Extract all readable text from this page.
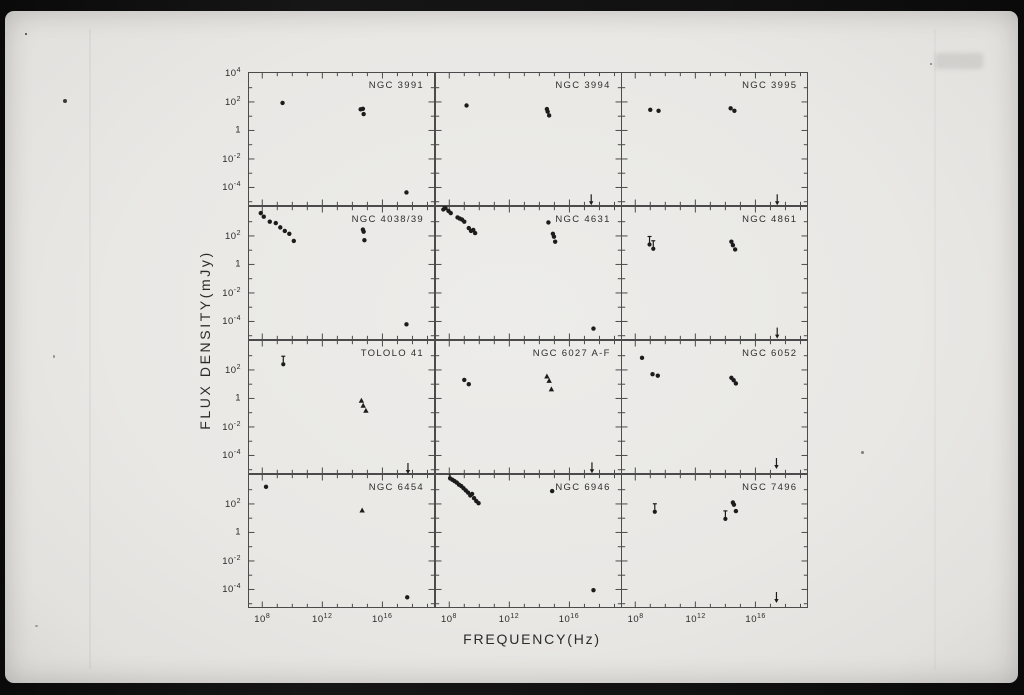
NGC 3991	NGC 3994	NGC 3995
NGC 4038/39	NGC 4631	NGC 4861
TOLOLO 41	NGC 6027 A-F	NGC 6052
NGC 6454	NGC 6946	NGC 7496
$10^4$
$10^2$
1
$10^{-2}$
$10^{-4}$
$10^2$
1
$10^{-2}$
$10^{-4}$
$10^2$
1
$10^{-2}$
$10^{-4}$
$10^2$
1
$10^{-2}$
$10^{-4}$
$10^8$	$10^{12}$	$10^{16}$	$10^8$	$10^{12}$	$10^{16}$	$10^8$	$10^{12}$	$10^{16}$
FLUX DENSITY(mJy)
FREQUENCY(Hz)
